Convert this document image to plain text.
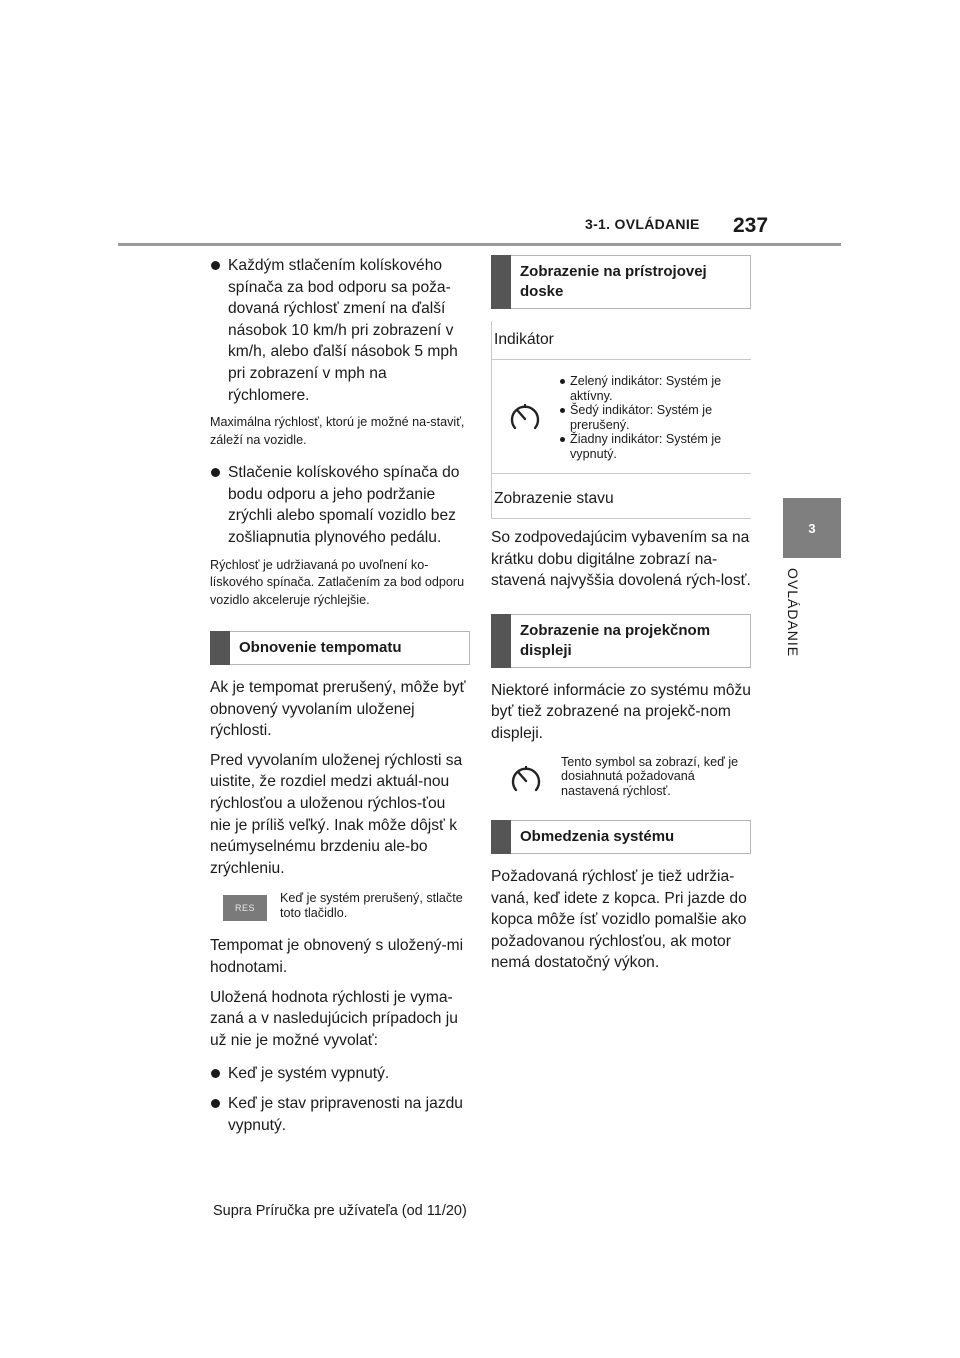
3-1. OVLÁDANIE 237
3
OVLÁDANIE
Každým stlačením kolískového spínača za bod odporu sa poža-dovaná rýchlosť zmení na ďalší násobok 10 km/h pri zobrazení v km/h, alebo ďalší násobok 5 mph pri zobrazení v mph na rýchlomere.
Maximálna rýchlosť, ktorú je možné na-staviť, záleží na vozidle.
Stlačenie kolískového spínača do bodu odporu a jeho podržanie zrýchli alebo spomalí vozidlo bez zošliapnutia plynového pedálu.
Rýchlosť je udržiavaná po uvoľnení ko-lískového spínača. Zatlačením za bod odporu vozidlo akceleruje rýchlejšie.
Obnovenie tempomatu
Ak je tempomat prerušený, môže byť obnovený vyvolaním uloženej rýchlosti.
Pred vyvolaním uloženej rýchlosti sa uistite, že rozdiel medzi aktuál-nou rýchlosťou a uloženou rýchlos-ťou nie je príliš veľký. Inak môže dôjsť k neúmyselnému brzdeniu ale-bo zrýchleniu.
RES
Keď je systém prerušený, stlačte toto tlačidlo.
Tempomat je obnovený s uložený-mi hodnotami.
Uložená hodnota rýchlosti je vyma-zaná a v nasledujúcich prípadoch ju už nie je možné vyvolať:
Keď je systém vypnutý.
Keď je stav pripravenosti na jazdu vypnutý.
Zobrazenie na prístrojovej doske
Indikátor
Zelený indikátor: Systém je aktívny.
Šedý indikátor: Systém je prerušený.
Žiadny indikátor: Systém je vypnutý.
Zobrazenie stavu
So zodpovedajúcim vybavením sa na krátku dobu digitálne zobrazí na-stavená najvyššia dovolená rých-losť.
Zobrazenie na projekčnom displeji
Niektoré informácie zo systému môžu byť tiež zobrazené na projekč-nom displeji.
Tento symbol sa zobrazí, keď je dosiahnutá požadovaná nastavená rýchlosť.
Obmedzenia systému
Požadovaná rýchlosť je tiež udržia-vaná, keď idete z kopca. Pri jazde do kopca môže ísť vozidlo pomalšie ako požadovanou rýchlosťou, ak motor nemá dostatočný výkon.
Supra Príručka pre užívateľa (od 11/20)
